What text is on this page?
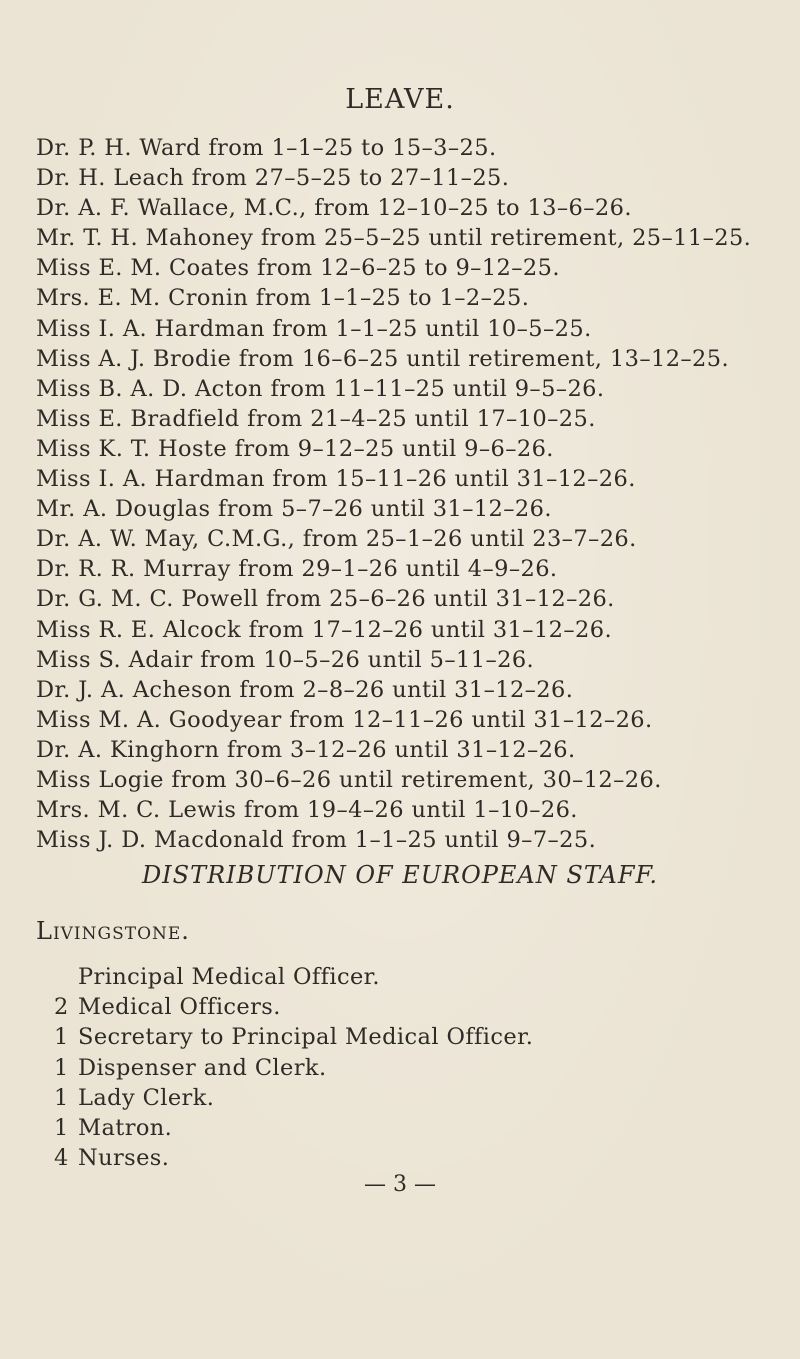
LEAVE.
Dr. P. H. Ward from 1–1–25 to 15–3–25.
Dr. H. Leach from 27–5–25 to 27–11–25.
Dr. A. F. Wallace, M.C., from 12–10–25 to 13–6–26.
Mr. T. H. Mahoney from 25–5–25 until retirement, 25–11–25.
Miss E. M. Coates from 12–6–25 to 9–12–25.
Mrs. E. M. Cronin from 1–1–25 to 1–2–25.
Miss I. A. Hardman from 1–1–25 until 10–5–25.
Miss A. J. Brodie from 16–6–25 until retirement, 13–12–25.
Miss B. A. D. Acton from 11–11–25 until 9–5–26.
Miss E. Bradfield from 21–4–25 until 17–10–25.
Miss K. T. Hoste from 9–12–25 until 9–6–26.
Miss I. A. Hardman from 15–11–26 until 31–12–26.
Mr. A. Douglas from 5–7–26 until 31–12–26.
Dr. A. W. May, C.M.G., from 25–1–26 until 23–7–26.
Dr. R. R. Murray from 29–1–26 until 4–9–26.
Dr. G. M. C. Powell from 25–6–26 until 31–12–26.
Miss R. E. Alcock from 17–12–26 until 31–12–26.
Miss S. Adair from 10–5–26 until 5–11–26.
Dr. J. A. Acheson from 2–8–26 until 31–12–26.
Miss M. A. Goodyear from 12–11–26 until 31–12–26.
Dr. A. Kinghorn from 3–12–26 until 31–12–26.
Miss Logie from 30–6–26 until retirement, 30–12–26.
Mrs. M. C. Lewis from 19–4–26 until 1–10–26.
Miss J. D. Macdonald from 1–1–25 until 9–7–25.
DISTRIBUTION OF EUROPEAN STAFF.
Livingstone.
Principal Medical Officer.
2 Medical Officers.
1 Secretary to Principal Medical Officer.
1 Dispenser and Clerk.
1 Lady Clerk.
1 Matron.
4 Nurses.
— 3 —
